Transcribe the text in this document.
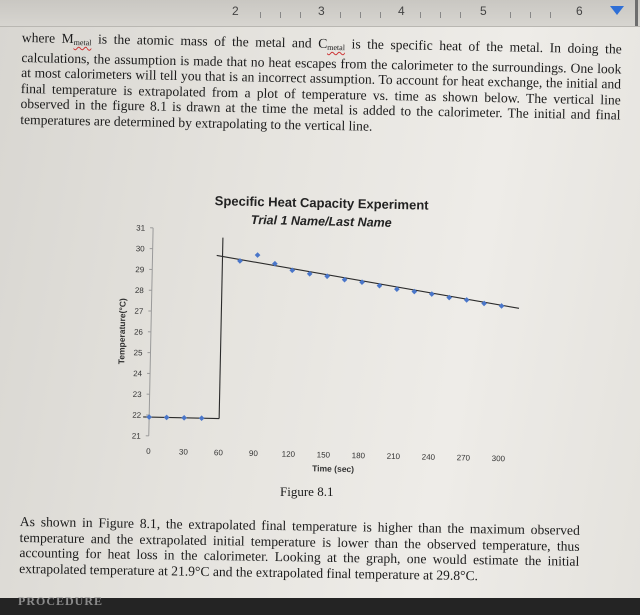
2	3	4	5	6

where $M_{metal}$ is the atomic mass of the metal and $C_{metal}$ is the specific heat of the metal. In doing the calculations, the assumption is made that no heat escapes from the calorimeter to the surroundings. One look at most calorimeters will tell you that is an incorrect assumption. To account for heat exchange, the initial and final temperature is extrapolated from a plot of temperature vs. time as shown below. The vertical line observed in the figure 8.1 is drawn at the time the metal is added to the calorimeter. The initial and final temperatures are determined by extrapolating to the vertical line.

Specific Heat Capacity Experiment
Trial 1 Name/Last Name
21
22
23
24
25
26
27
28
29
30
31
0	30	60	90	120	150	180	210	240	270	300
Temperature(°C)
Time (sec)
Figure 8.1

As shown in Figure 8.1, the extrapolated final temperature is higher than the maximum observed temperature and the extrapolated initial temperature is lower than the observed temperature, thus accounting for heat loss in the calorimeter. Looking at the graph, one would estimate the initial extrapolated temperature at 21.9°C and the extrapolated final temperature at 29.8°C.

PROCEDURE
